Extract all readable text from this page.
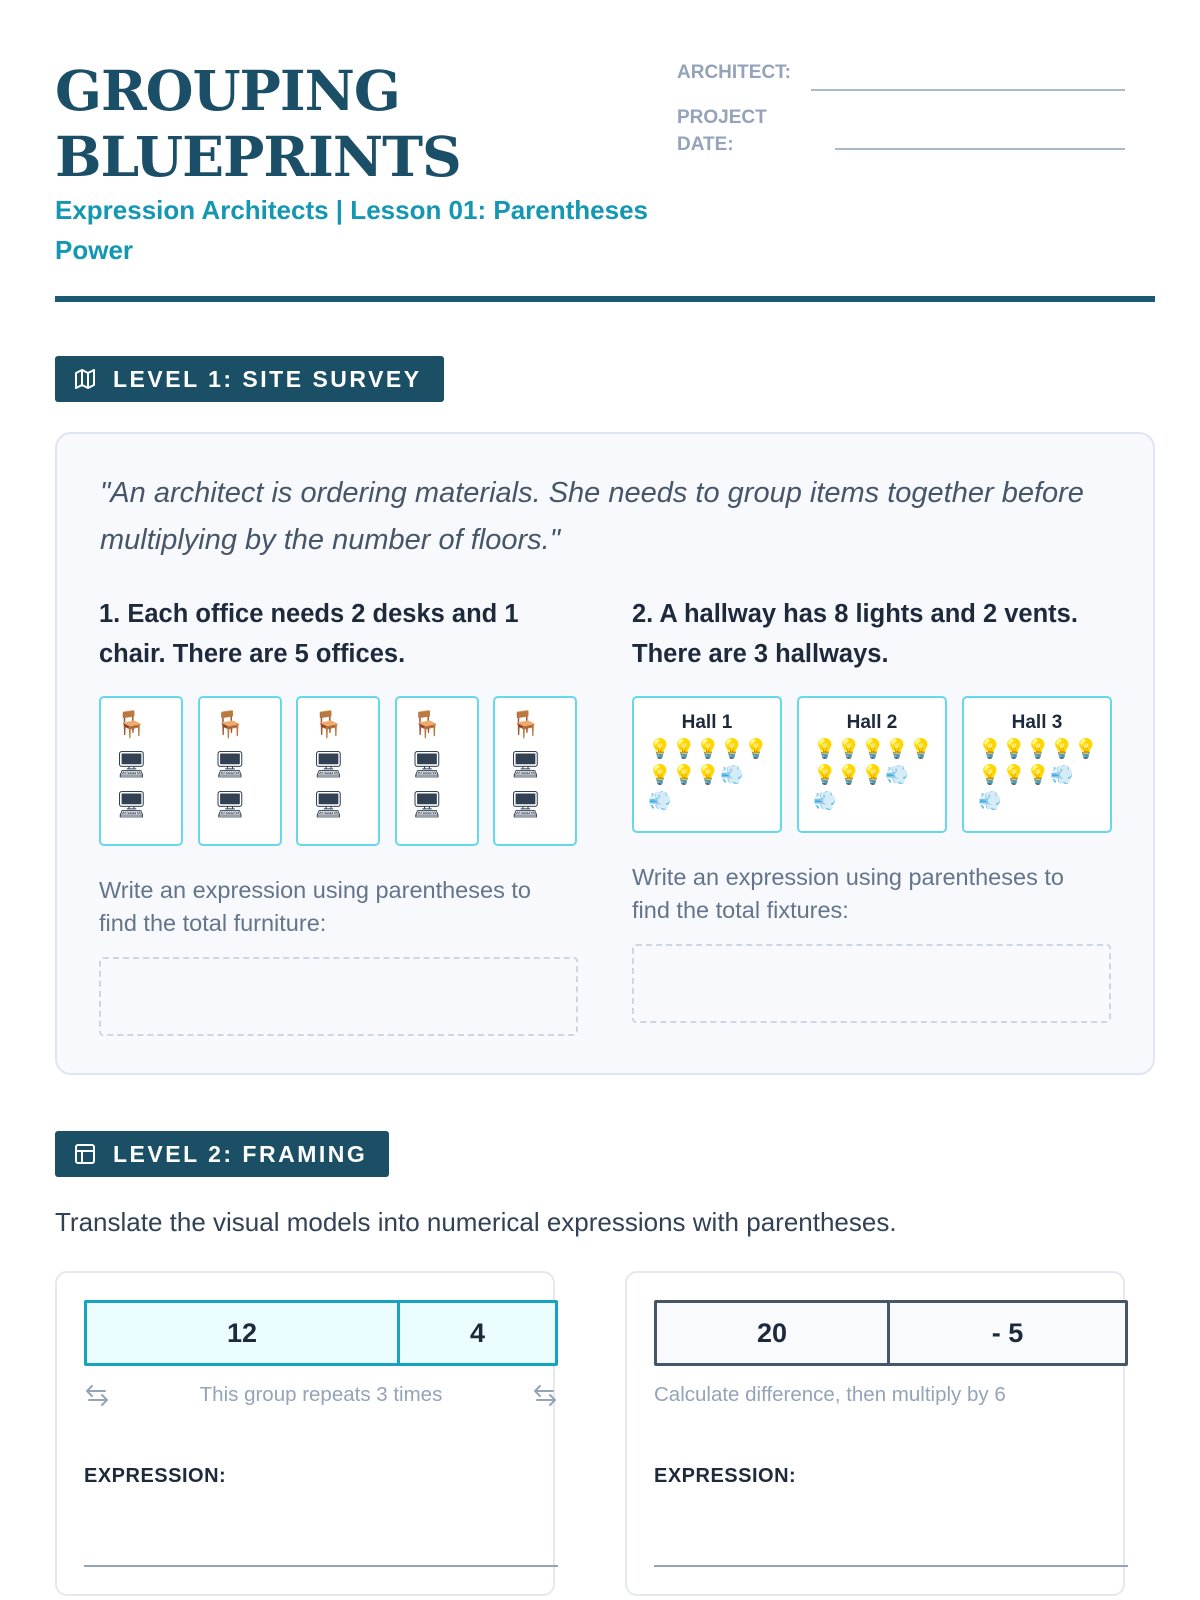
GROUPING
BLUEPRINTS
Expression Architects | Lesson 01: Parentheses Power
ARCHITECT:
PROJECT
DATE:
LEVEL 1: SITE SURVEY
"An architect is ordering materials. She needs to group items together before multiplying by the number of floors."
1. Each office needs 2 desks and 1 chair. There are 5 offices.
🪑
🖥
🖥
🪑
🖥
🖥
🪑
🖥
🖥
🪑
🖥
🖥
🪑
🖥
🖥
Write an expression using parentheses to find the total furniture:
2. A hallway has 8 lights and 2 vents. There are 3 hallways.
Hall 1
💡 💡 💡 💡 💡
💡 💡 💡 💨
💨
Hall 2
💡 💡 💡 💡 💡
💡 💡 💡 💨
💨
Hall 3
💡 💡 💡 💡 💡
💡 💡 💡 💨
💨
Write an expression using parentheses to find the total fixtures:
LEVEL 2: FRAMING
Translate the visual models into numerical expressions with parentheses.
12	4
This group repeats 3 times
EXPRESSION:
20	- 5
Calculate difference, then multiply by 6
EXPRESSION:
